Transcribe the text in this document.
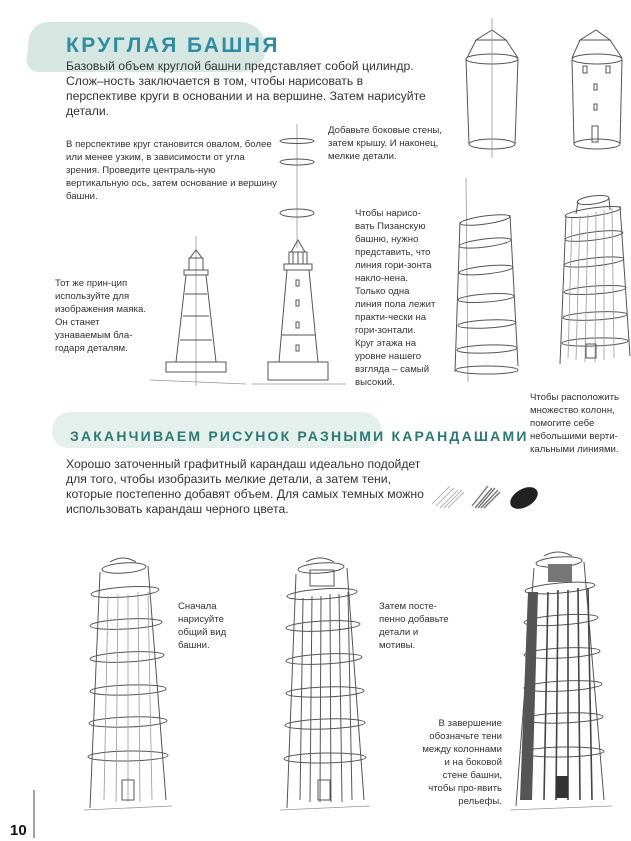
КРУГЛАЯ БАШНЯ
Базовый объем круглой башни представляет собой цилиндр. Слож–ность заключается в том, чтобы нарисовать в перспективе круги в основании и на вершине. Затем нарисуйте детали.
В перспективе круг становится овалом, более или менее узким, в зависимости от угла зрения. Проведите централь-ную вертикальную ось, затем основание и вершину башни.
Добавьте боковые стены, затем крышу. И наконец, мелкие детали.
Тот же прин-цип используйте для изображения маяка. Он станет узнаваемым бла-годаря деталям.
Чтобы нарисо-вать Пизанскую башню, нужно представить, что линия гори-зонта накло-нена. Только одна линия пола лежит практи-чески на гори-зонтали. Круг этажа на уровне нашего взгляда – самый высокий.
Чтобы расположить множество колонн, помогите себе небольшими верти-кальными линиями.
ЗАКАНЧИВАЕМ РИСУНОК РАЗНЫМИ КАРАНДАШАМИ
Хорошо заточенный графитный карандаш идеально подойдет для того, чтобы изобразить мелкие детали, а затем тени, которые постепенно добавят объем. Для самых темных можно использовать карандаш черного цвета.
Сначала нарисуйте общий вид башни.
Затем посте-пенно добавьте детали и мотивы.
В завершение обозначьте тени между колоннами и на боковой стене башни, чтобы про-явить рельефы.
10
